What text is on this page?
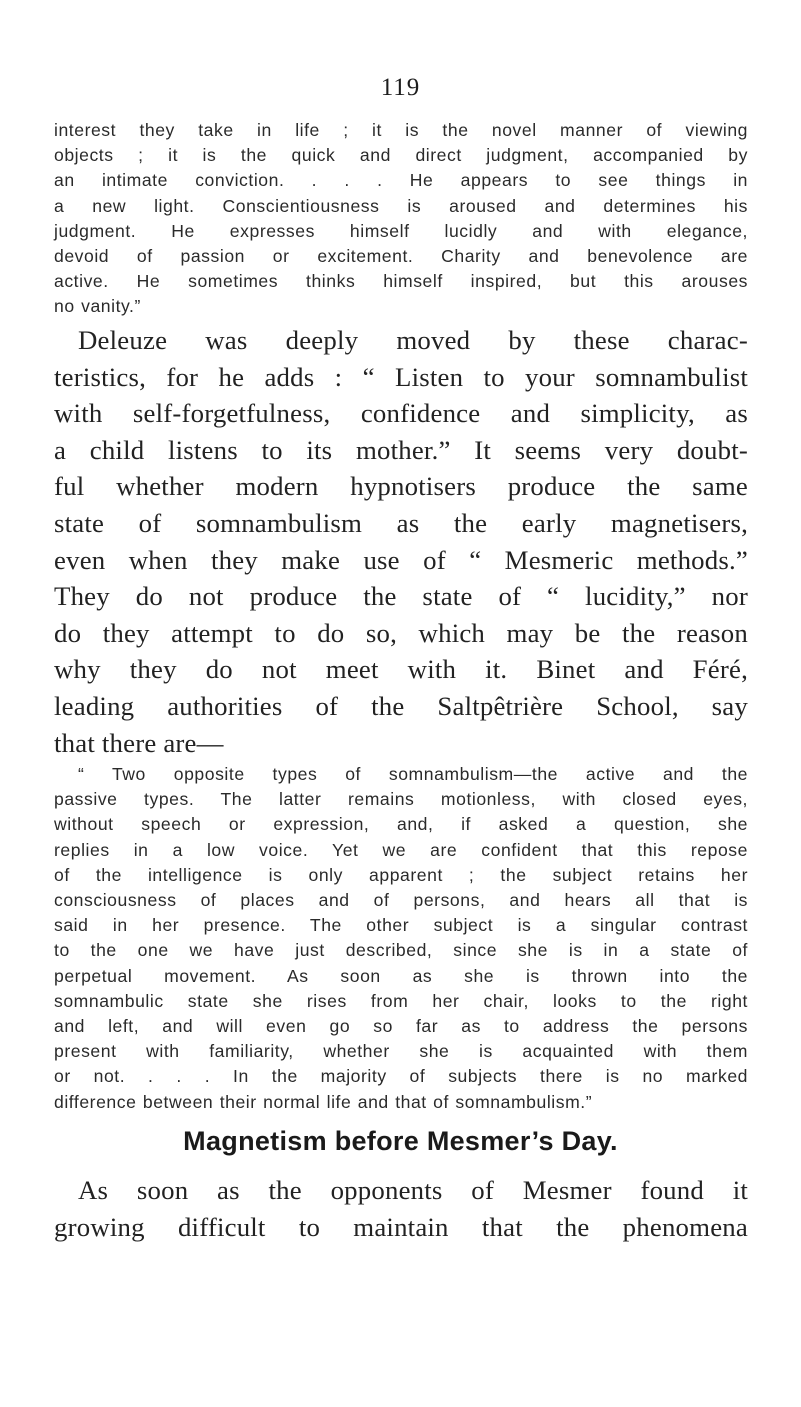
119
interest they take in life ; it is the novel manner of viewing
objects ; it is the quick and direct judgment, accompanied by
an intimate conviction. . . . He appears to see things in
a new light. Conscientiousness is aroused and determines his
judgment. He expresses himself lucidly and with elegance,
devoid of passion or excitement. Charity and benevolence are
active. He sometimes thinks himself inspired, but this arouses
no vanity.”
Deleuze was deeply moved by these charac-
teristics, for he adds : “ Listen to your somnambulist
with self-forgetfulness, confidence and simplicity, as
a child listens to its mother.” It seems very doubt-
ful whether modern hypnotisers produce the same
state of somnambulism as the early magnetisers,
even when they make use of “ Mesmeric methods.”
They do not produce the state of “ lucidity,” nor
do they attempt to do so, which may be the reason
why they do not meet with it. Binet and Féré,
leading authorities of the Saltpêtrière School, say
that there are—
“ Two opposite types of somnambulism—the active and the
passive types. The latter remains motionless, with closed eyes,
without speech or expression, and, if asked a question, she
replies in a low voice. Yet we are confident that this repose
of the intelligence is only apparent ; the subject retains her
consciousness of places and of persons, and hears all that is
said in her presence. The other subject is a singular contrast
to the one we have just described, since she is in a state of
perpetual movement. As soon as she is thrown into the
somnambulic state she rises from her chair, looks to the right
and left, and will even go so far as to address the persons
present with familiarity, whether she is acquainted with them
or not. . . . In the majority of subjects there is no marked
difference between their normal life and that of somnambulism.”
Magnetism before Mesmer’s Day.
As soon as the opponents of Mesmer found it
growing difficult to maintain that the phenomena
